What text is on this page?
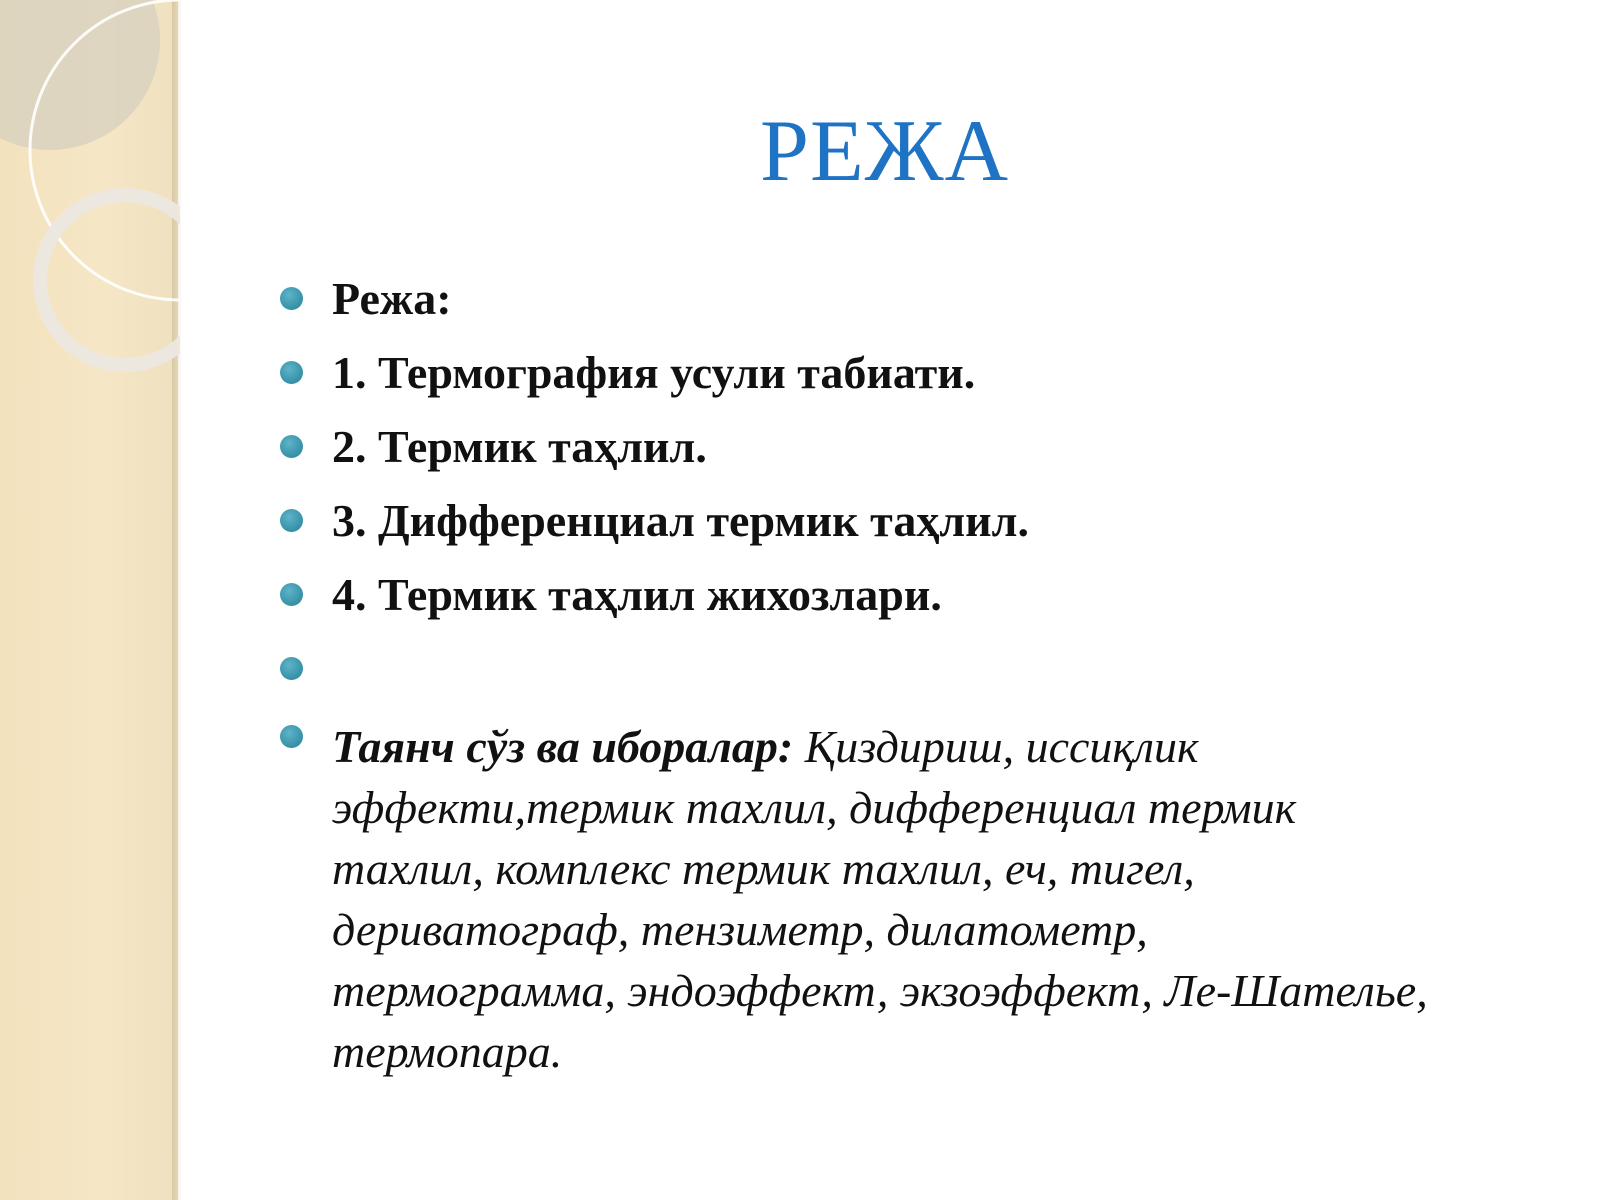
РЕЖА
Режа:
1. Термография усули табиати.
2. Термик таҳлил.
3. Дифференциал термик таҳлил.
4. Термик таҳлил жихозлари.
Таянч сўз ва иборалар: Қиздириш, иссиқлик эффекти,термик тахлил, дифференциал термик тахлил, комплекс термик тахлил, еч, тигел, дериватограф, тензиметр, дилатометр, термограмма, эндоэффект, экзоэффект, Ле-Шателье, термопара.
